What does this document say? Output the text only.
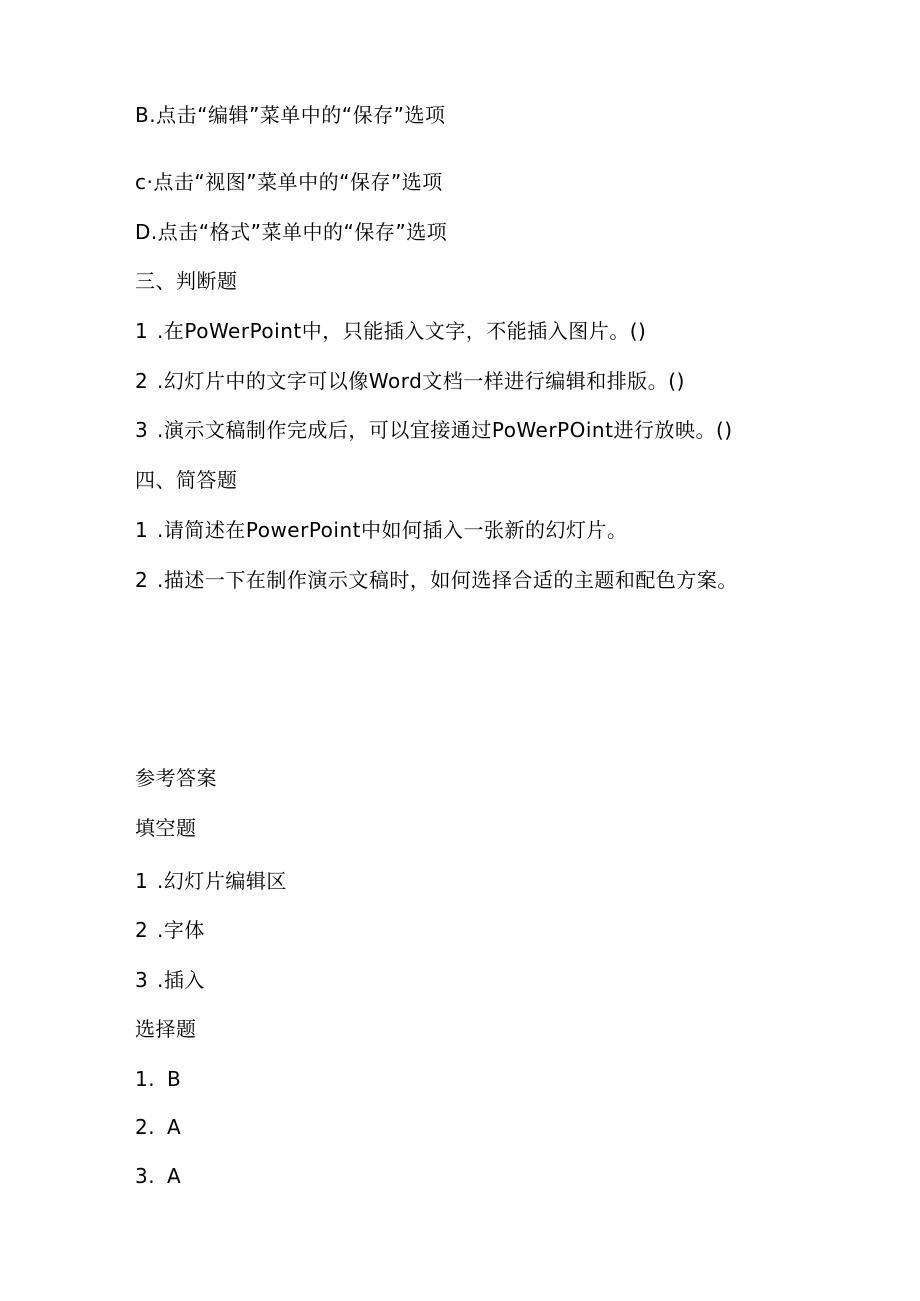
B.点击“编辑”菜单中的“保存”选项
c·点击“视图”菜单中的“保存”选项
D.点击“格式”菜单中的“保存”选项
三、判断题
1 .在PoWerPoint中，只能插入文字，不能插入图片。()
2 .幻灯片中的文字可以像Word文档一样进行编辑和排版。()
3 .演示文稿制作完成后，可以宜接通过PoWerPOint进行放映。()
四、简答题
1 .请简述在PowerPoint中如何插入一张新的幻灯片。
2 .描述一下在制作演示文稿时，如何选择合适的主题和配色方案。
参考答案
填空题
1 .幻灯片编辑区
2 .字体
3 .插入
选择题
1. B
2. A
3. A
